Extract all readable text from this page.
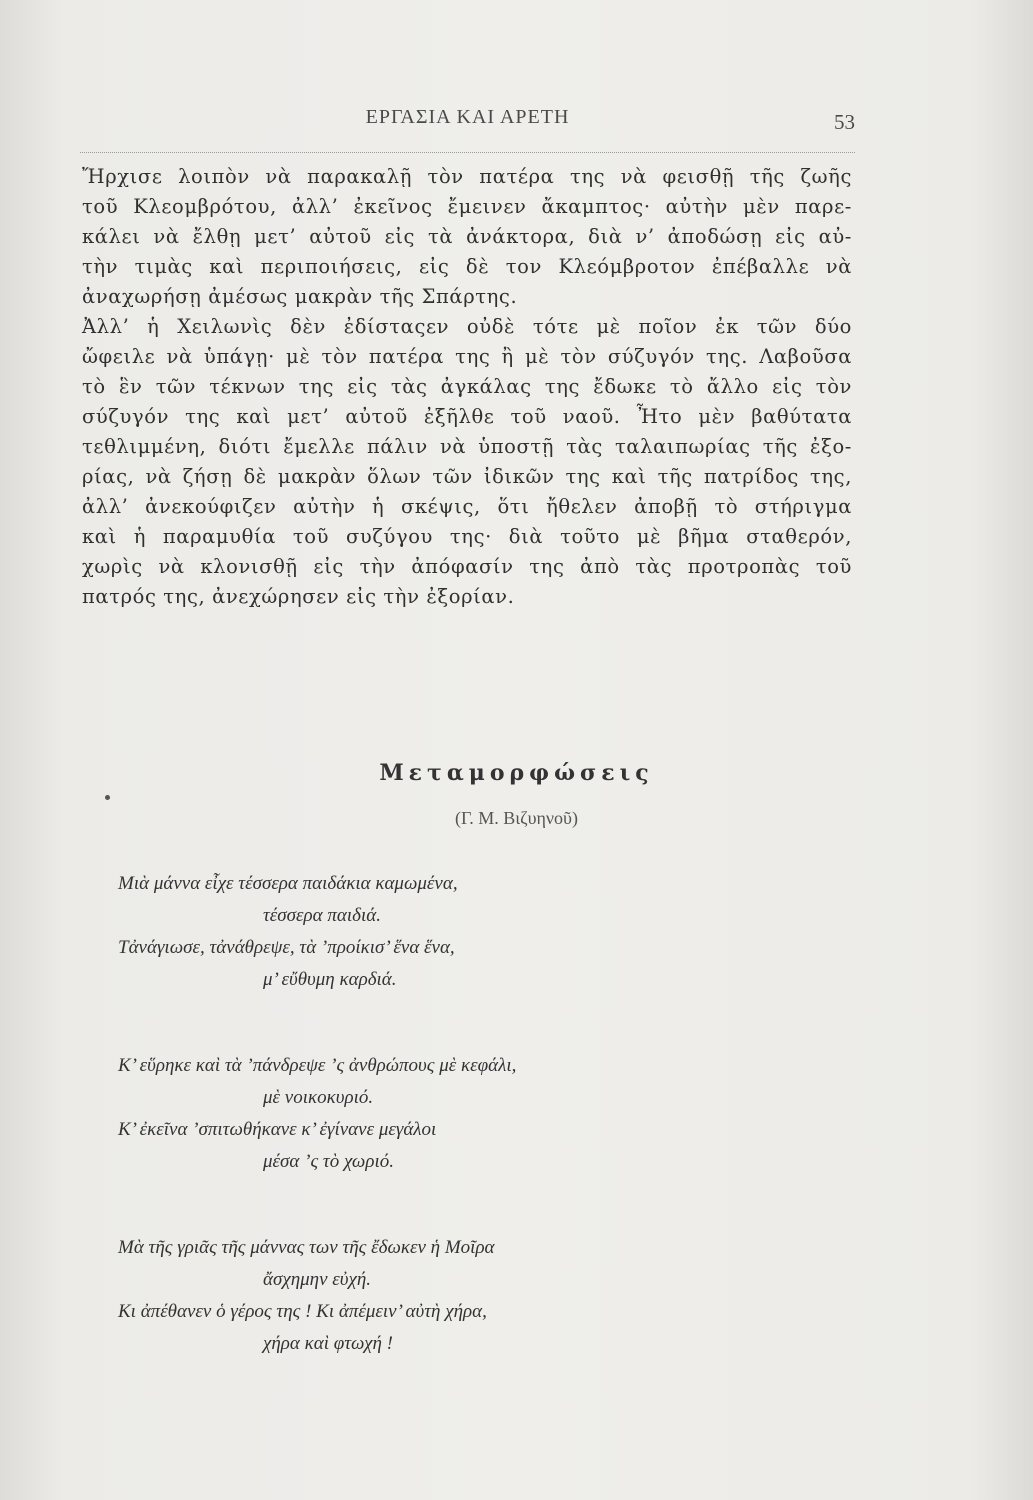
ΕΡΓΑΣΙΑ ΚΑΙ ΑΡΕΤΗ	53

Ἤρχισε λοιπὸν νὰ παρακαλῇ τὸν πατέρα της νὰ φεισθῇ τῆς ζωῆς
τοῦ Κλεομβρότου, ἀλλ’ ἐκεῖνος ἔμεινεν ἄκαμπτος· αὐτὴν μὲν παρε-
κάλει νὰ ἔλθῃ μετ’ αὐτοῦ εἰς τὰ ἀνάκτορα, διὰ ν’ ἀποδώσῃ εἰς αὐ-
τὴν τιμὰς καὶ περιποιήσεις, εἰς δὲ τον Κλεόμβροτον ἐπέβαλλε νὰ
ἀναχωρήσῃ ἀμέσως μακρὰν τῆς Σπάρτης.

Ἀλλ’ ἡ Χειλωνὶς δὲν ἐδίσταςεν οὐδὲ τότε μὲ ποῖον ἐκ τῶν δύο
ὤφειλε νὰ ὑπάγῃ· μὲ τὸν πατέρα της ἢ μὲ τὸν σύζυγόν της. Λαβοῦσα
τὸ ἓν τῶν τέκνων της εἰς τὰς ἀγκάλας της ἔδωκε τὸ ἄλλο εἰς τὸν
σύζυγόν της καὶ μετ’ αὐτοῦ ἐξῆλθε τοῦ ναοῦ. Ἦτο μὲν βαθύτατα
τεθλιμμένη, διότι ἔμελλε πάλιν νὰ ὑποστῇ τὰς ταλαιπωρίας τῆς ἐξο-
ρίας, νὰ ζήσῃ δὲ μακρὰν ὅλων τῶν ἰδικῶν της καὶ τῆς πατρίδος της,
ἀλλ’ ἀνεκούφιζεν αὐτὴν ἡ σκέψις, ὅτι ἤθελεν ἀποβῇ τὸ στήριγμα
καὶ ἡ παραμυθία τοῦ συζύγου της· διὰ τοῦτο μὲ βῆμα σταθερόν,
χωρὶς νὰ κλονισθῇ εἰς τὴν ἀπόφασίν της ἀπὸ τὰς προτροπὰς τοῦ
πατρός της, ἀνεχώρησεν εἰς τὴν ἐξορίαν.

Μεταμορφώσεις
(Γ. Μ. Βιζυηνοῦ)
Μιὰ μάννα εἶχε τέσσερα παιδάκια καμωμένα,
τέσσερα παιδιά.
Τἀνάγιωσε, τἀνάθρεψε, τὰ ’προίκισ’ ἕνα ἕνα,
μ’ εὔθυμη καρδιά.
Κ’ εὕρηκε καὶ τὰ ’πάνδρεψε ’ς ἀνθρώπους μὲ κεφάλι,
μὲ νοικοκυριό.
Κ’ ἐκεῖνα ’σπιτωθήκανε κ’ ἐγίνανε μεγάλοι
μέσα ’ς τὸ χωριό.
Μὰ τῆς γριᾶς τῆς μάννας των τῆς ἔδωκεν ἡ Μοῖρα
ἄσχημην εὐχή.
Κι ἀπέθανεν ὁ γέρος της ! Κι ἀπέμειν’ αὐτὴ χήρα,
χήρα καὶ φτωχή !
